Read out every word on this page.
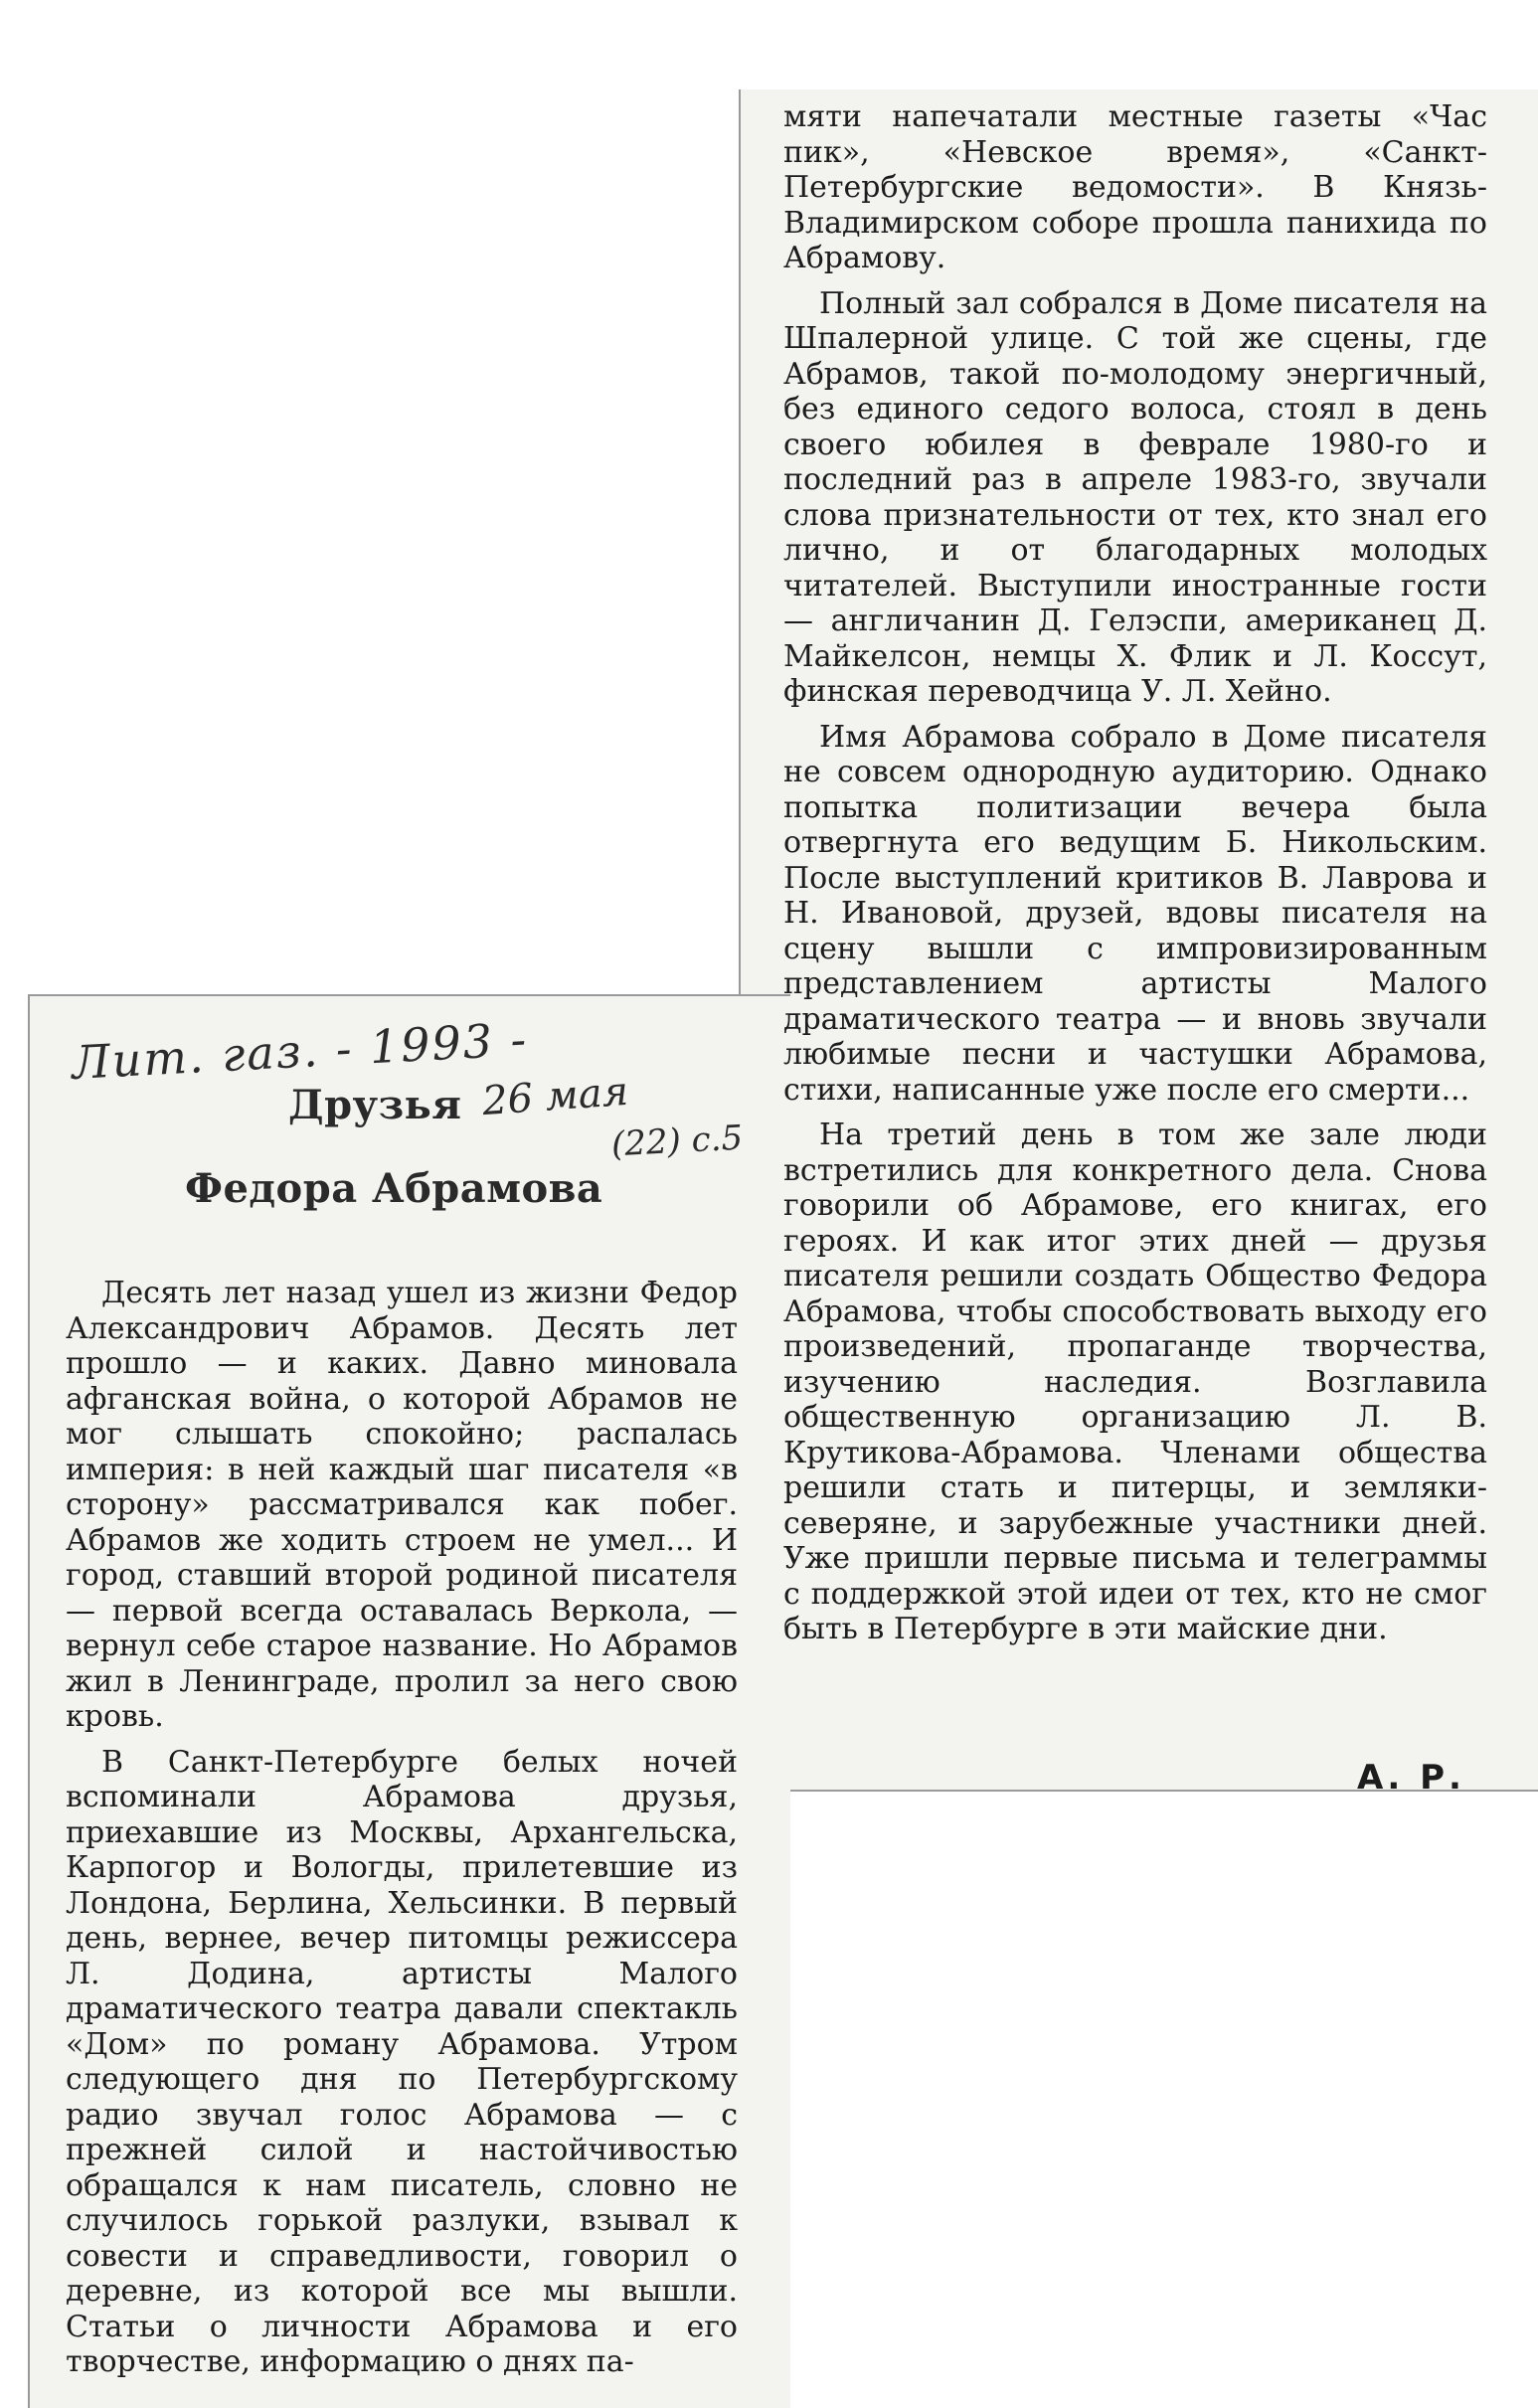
Лит. газ. - 1993 -
26 мая
(22) с.5
Друзья
Федора Абрамова

Десять лет назад ушел из жизни Федор Александрович Абрамов. Десять лет прошло — и каких. Давно миновала афганская война, о которой Абрамов не мог слышать спокойно; распалась империя: в ней каждый шаг писателя «в сторону» рассматривался как побег. Абрамов же ходить строем не умел... И город, ставший второй родиной писателя — первой всегда оставалась Веркола, — вернул себе старое название. Но Абрамов жил в Ленинграде, пролил за него свою кровь.

В Санкт-Петербурге белых ночей вспоминали Абрамова друзья, приехавшие из Москвы, Архангельска, Карпогор и Вологды, прилетевшие из Лондона, Берлина, Хельсинки. В первый день, вернее, вечер питомцы режиссера Л. Додина, артисты Малого драматического театра давали спектакль «Дом» по роману Абрамова. Утром следующего дня по Петербургскому радио звучал голос Абрамова — с прежней силой и настойчивостью обращался к нам писатель, словно не случилось горькой разлуки, взывал к совести и справедливости, говорил о деревне, из которой все мы вышли. Статьи о личности Абрамова и его творчестве, информацию о днях па-

мяти напечатали местные газеты «Час пик», «Невское время», «Санкт-Петербургские ведомости». В Князь-Владимирском соборе прошла панихида по Абрамову.

Полный зал собрался в Доме писателя на Шпалерной улице. С той же сцены, где Абрамов, такой по-молодому энергичный, без единого седого волоса, стоял в день своего юбилея в феврале 1980-го и последний раз в апреле 1983-го, звучали слова признательности от тех, кто знал его лично, и от благодарных молодых читателей. Выступили иностранные гости — англичанин Д. Гелэспи, американец Д. Майкелсон, немцы Х. Флик и Л. Коссут, финская переводчица У. Л. Хейно.

Имя Абрамова собрало в Доме писателя не совсем однородную аудиторию. Однако попытка политизации вечера была отвергнута его ведущим Б. Никольским. После выступлений критиков В. Лаврова и Н. Ивановой, друзей, вдовы писателя на сцену вышли с импровизированным представлением артисты Малого драматического театра — и вновь звучали любимые песни и частушки Абрамова, стихи, написанные уже после его смерти...

На третий день в том же зале люди встретились для конкретного дела. Снова говорили об Абрамове, его книгах, его героях. И как итог этих дней — друзья писателя решили создать Общество Федора Абрамова, чтобы способствовать выходу его произведений, пропаганде творчества, изучению наследия. Возглавила общественную организацию Л. В. Крутикова-Абрамова. Членами общества решили стать и питерцы, и земляки-северяне, и зарубежные участники дней. Уже пришли первые письма и телеграммы с поддержкой этой идеи от тех, кто не смог быть в Петербурге в эти майские дни.

А. Р.
